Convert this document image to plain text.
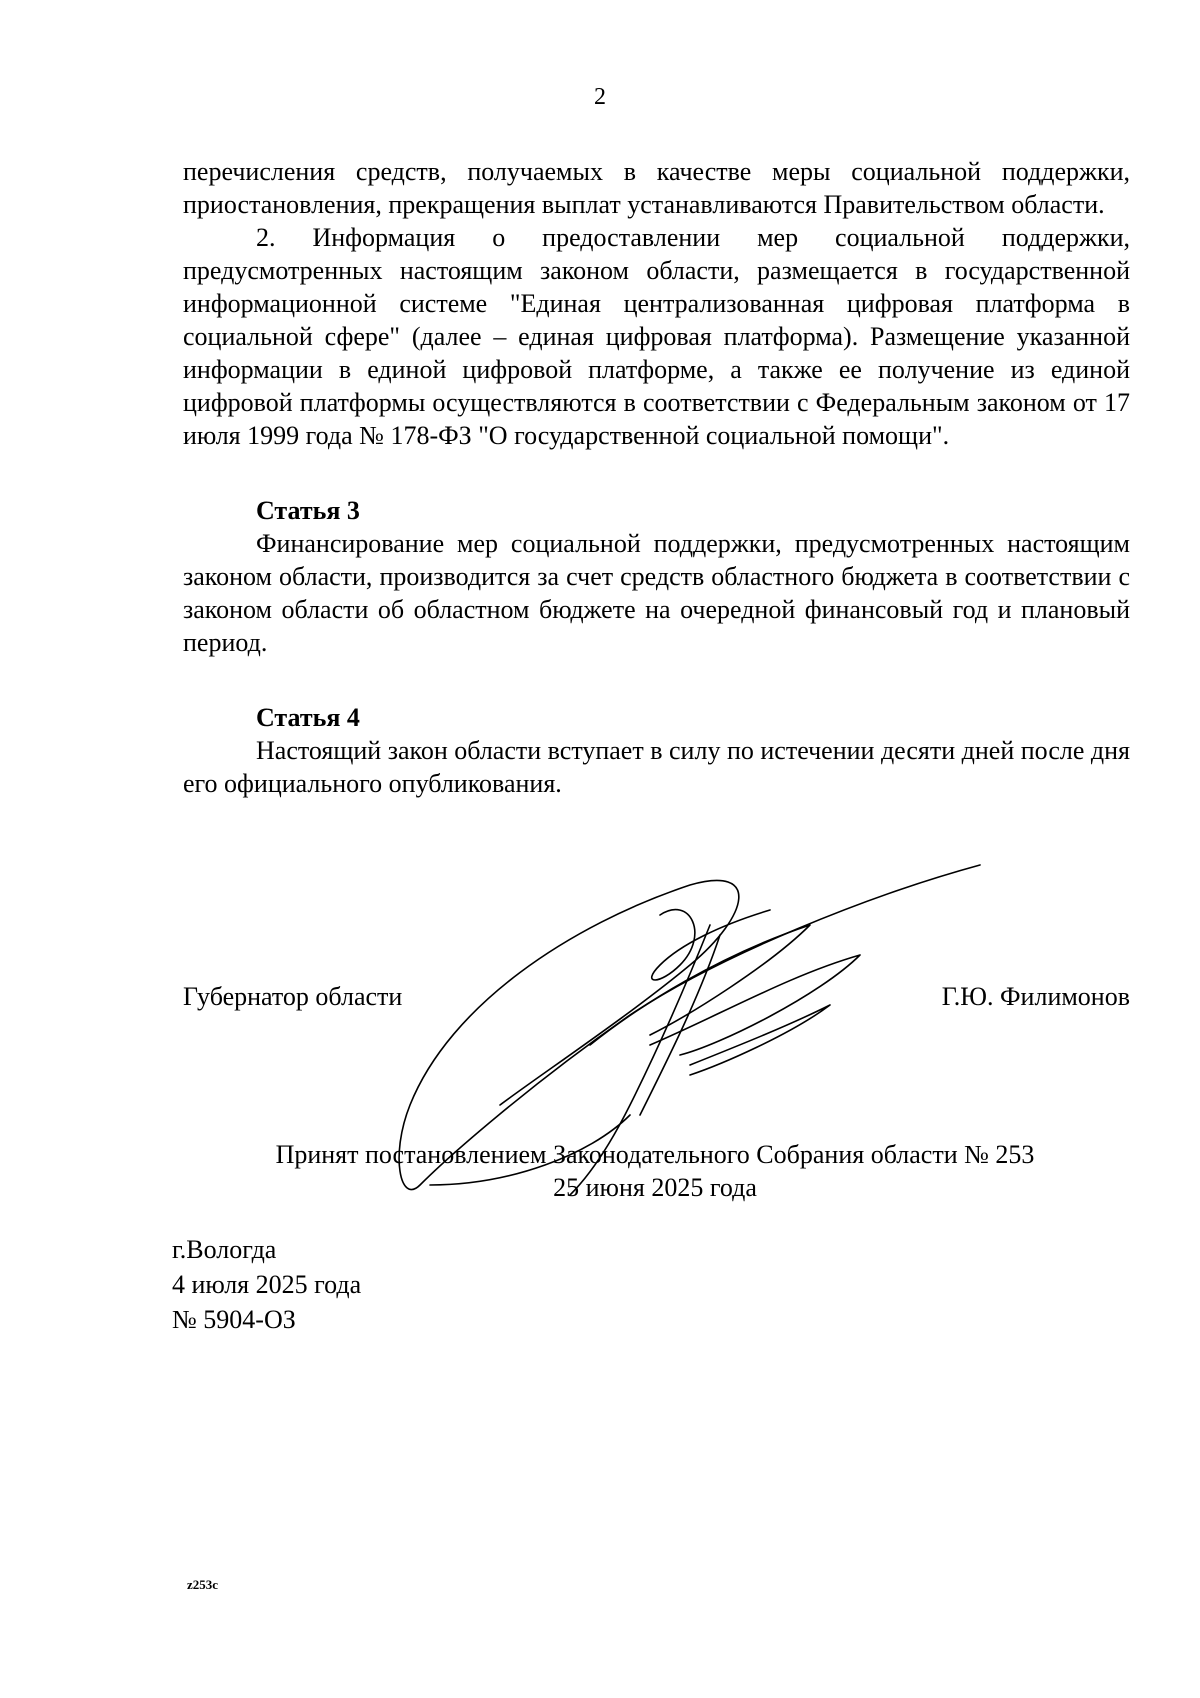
2

перечисления средств, получаемых в качестве меры социальной поддержки, приостановления, прекращения выплат устанавливаются Правительством области.

2. Информация о предоставлении мер социальной поддержки, предусмотренных настоящим законом области, размещается в государственной информационной системе "Единая централизованная цифровая платформа в социальной сфере" (далее – единая цифровая платформа). Размещение указанной информации в единой цифровой платформе, а также ее получение из единой цифровой платформы осуществляются в соответствии с Федеральным законом от 17 июля 1999 года № 178-ФЗ "О государственной социальной помощи".

Статья 3

Финансирование мер социальной поддержки, предусмотренных настоящим законом области, производится за счет средств областного бюджета в соответствии с законом области об областном бюджете на очередной финансовый год и плановый период.

Статья 4

Настоящий закон области вступает в силу по истечении десяти дней после дня его официального опубликования.

Губернатор области	Г.Ю. Филимонов
Принят постановлением Законодательного Собрания области № 253
25 июня 2025 года
г.Вологда
4 июля 2025 года
№ 5904-ОЗ
z253c
